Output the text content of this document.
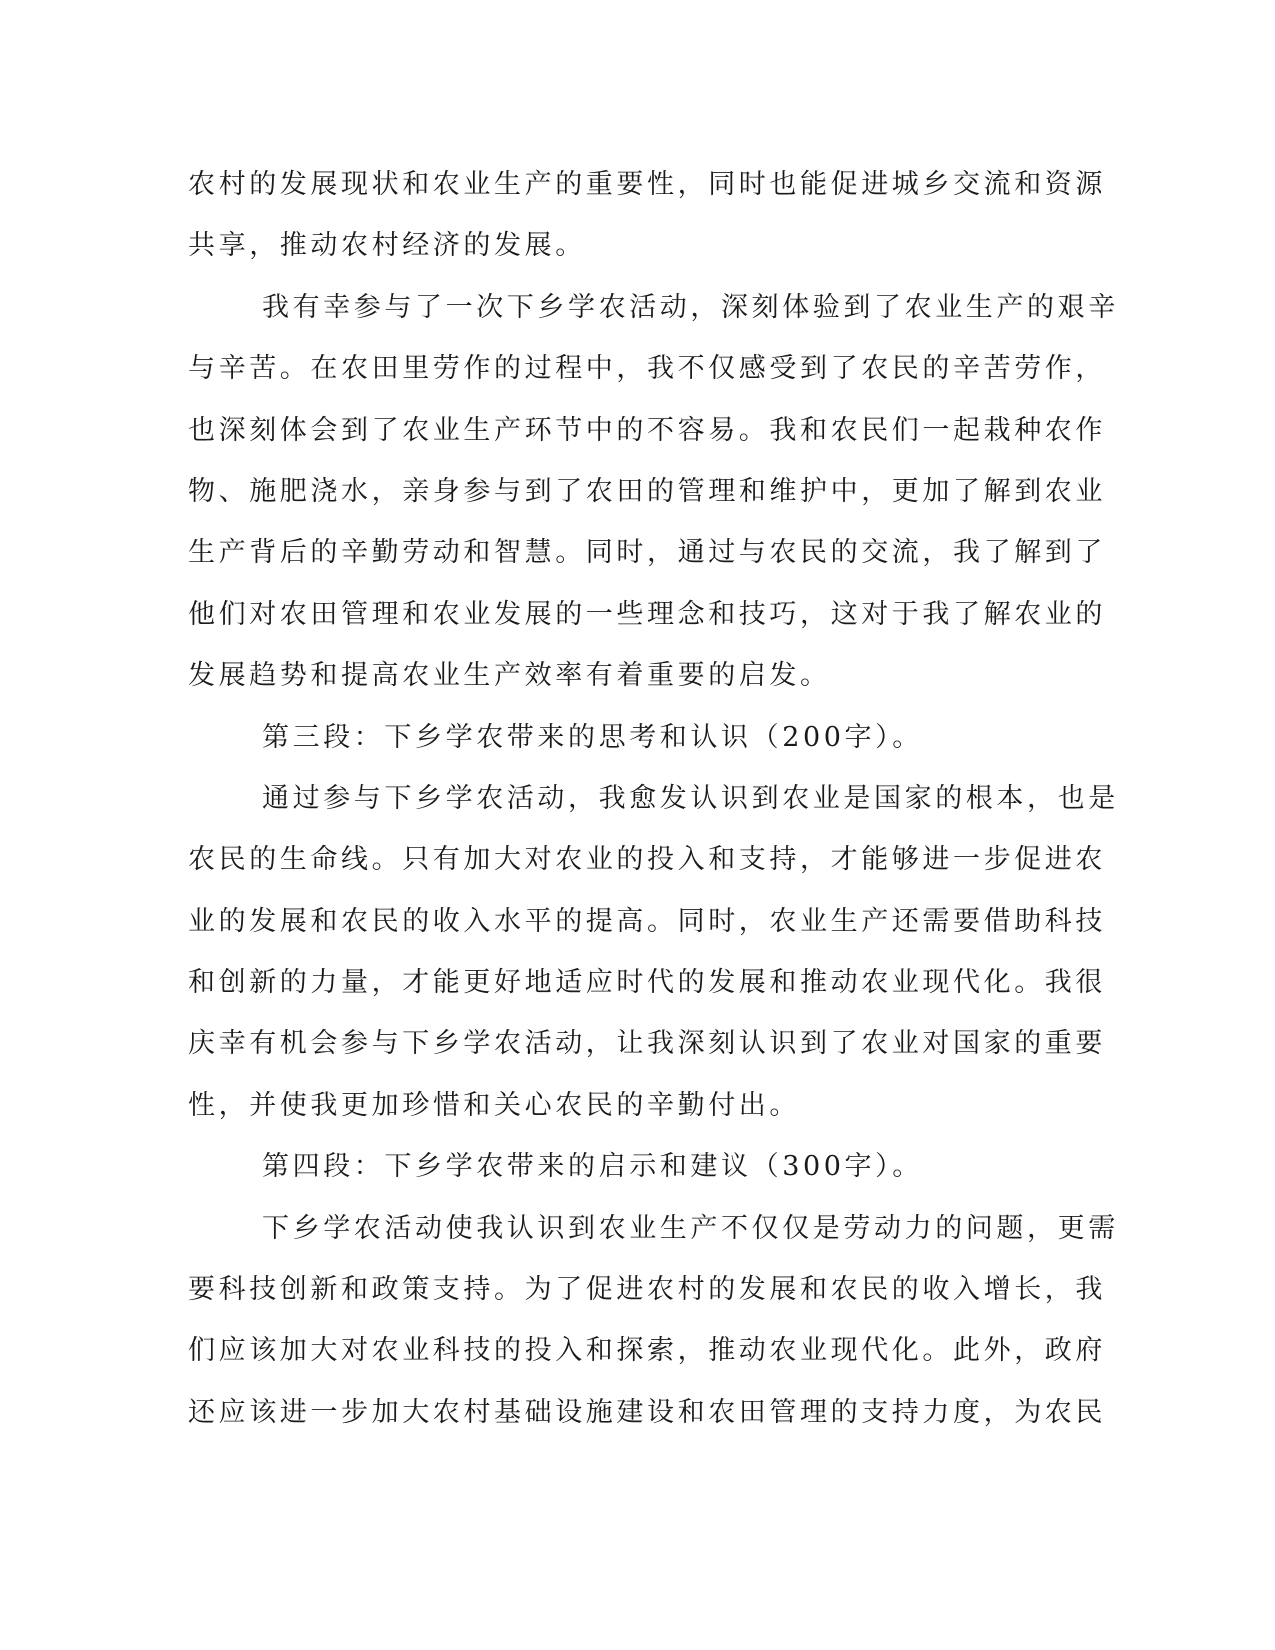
农村的发展现状和农业生产的重要性，同时也能促进城乡交流和资源
共享，推动农村经济的发展。
我有幸参与了一次下乡学农活动，深刻体验到了农业生产的艰辛
与辛苦。在农田里劳作的过程中，我不仅感受到了农民的辛苦劳作，
也深刻体会到了农业生产环节中的不容易。我和农民们一起栽种农作
物、施肥浇水，亲身参与到了农田的管理和维护中，更加了解到农业
生产背后的辛勤劳动和智慧。同时，通过与农民的交流，我了解到了
他们对农田管理和农业发展的一些理念和技巧，这对于我了解农业的
发展趋势和提高农业生产效率有着重要的启发。
第三段：下乡学农带来的思考和认识（200字）。
通过参与下乡学农活动，我愈发认识到农业是国家的根本，也是
农民的生命线。只有加大对农业的投入和支持，才能够进一步促进农
业的发展和农民的收入水平的提高。同时，农业生产还需要借助科技
和创新的力量，才能更好地适应时代的发展和推动农业现代化。我很
庆幸有机会参与下乡学农活动，让我深刻认识到了农业对国家的重要
性，并使我更加珍惜和关心农民的辛勤付出。
第四段：下乡学农带来的启示和建议（300字）。
下乡学农活动使我认识到农业生产不仅仅是劳动力的问题，更需
要科技创新和政策支持。为了促进农村的发展和农民的收入增长，我
们应该加大对农业科技的投入和探索，推动农业现代化。此外，政府
还应该进一步加大农村基础设施建设和农田管理的支持力度，为农民
